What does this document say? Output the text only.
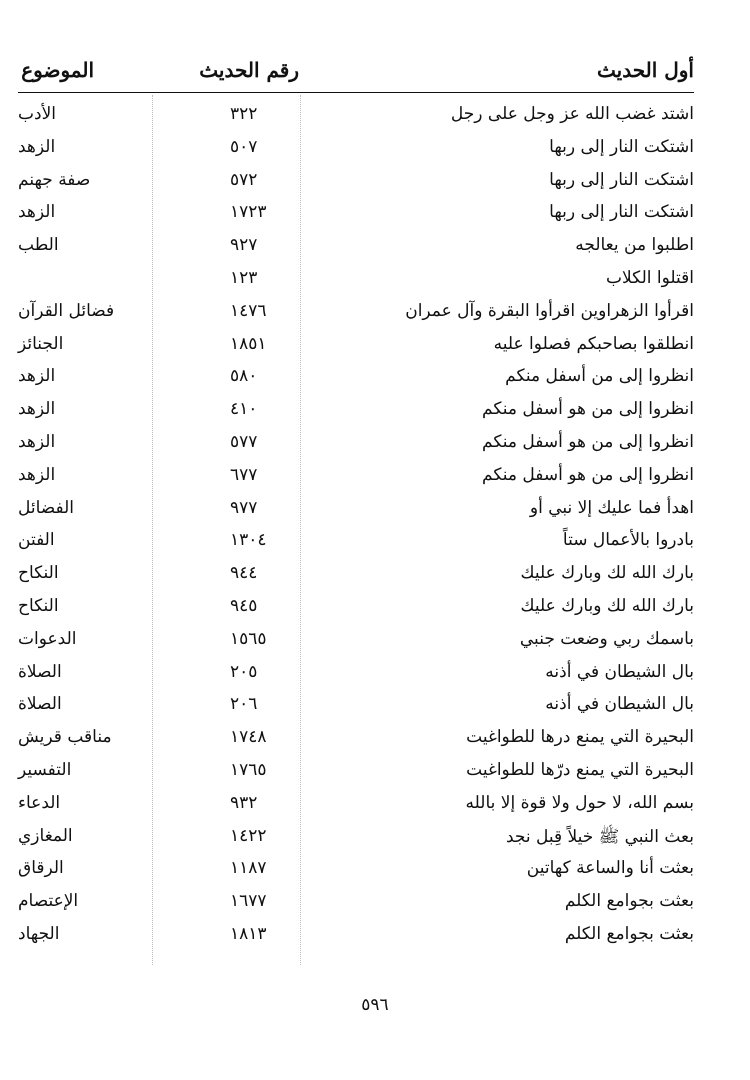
أول الحديث
رقم الحديث
الموضوع
اشتد غضب الله عز وجل على رجل
٣٢٢
الأدب
اشتكت النار إلى ربها
٥٠٧
الزهد
اشتكت النار إلى ربها
٥٧٢
صفة جهنم
اشتكت النار إلى ربها
١٧٢٣
الزهد
اطلبوا من يعالجه
٩٢٧
الطب
اقتلوا الكلاب
١٢٣
اقرأوا الزهراوين اقرأوا البقرة وآل عمران
١٤٧٦
فضائل القرآن
انطلقوا بصاحبكم فصلوا عليه
١٨٥١
الجنائز
انظروا إلى من أسفل منكم
٥٨٠
الزهد
انظروا إلى من هو أسفل منكم
٤١٠
الزهد
انظروا إلى من هو أسفل منكم
٥٧٧
الزهد
انظروا إلى من هو أسفل منكم
٦٧٧
الزهد
اهدأ فما عليك إلا نبي أو
٩٧٧
الفضائل
بادروا بالأعمال ستاً
١٣٠٤
الفتن
بارك الله لك وبارك عليك
٩٤٤
النكاح
بارك الله لك وبارك عليك
٩٤٥
النكاح
باسمك ربي وضعت جنبي
١٥٦٥
الدعوات
بال الشيطان في أذنه
٢٠٥
الصلاة
بال الشيطان في أذنه
٢٠٦
الصلاة
البحيرة التي يمنع درها للطواغيت
١٧٤٨
مناقب قريش
البحيرة التي يمنع درّها للطواغيت
١٧٦٥
التفسير
بسم الله، لا حول ولا قوة إلا بالله
٩٣٢
الدعاء
بعث النبي ﷺ خيلاً قِبل نجد
١٤٢٢
المغازي
بعثت أنا والساعة كهاتين
١١٨٧
الرقاق
بعثت بجوامع الكلم
١٦٧٧
الإعتصام
بعثت بجوامع الكلم
١٨١٣
الجهاد
٥٩٦
